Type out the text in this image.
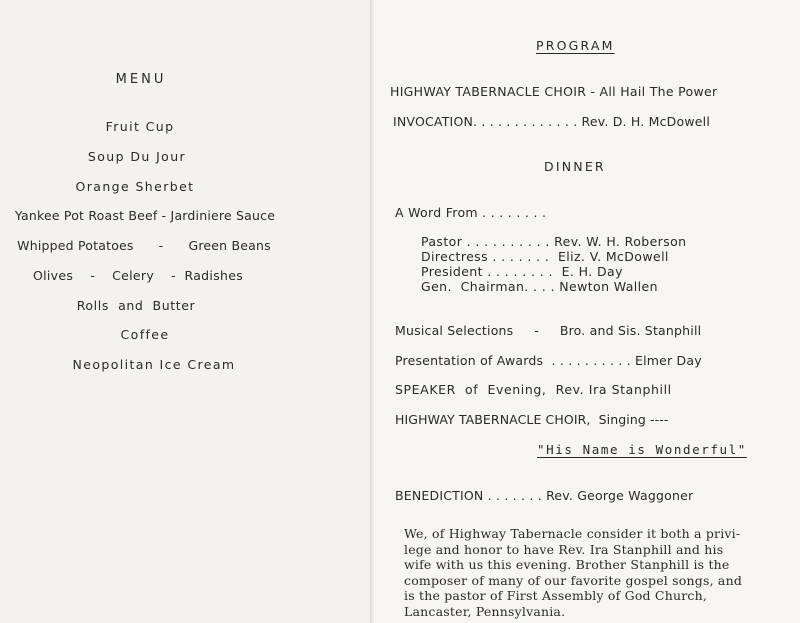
MENU
Fruit Cup
Soup Du Jour
Orange Sherbet
Yankee Pot Roast Beef - Jardiniere Sauce
Whipped Potatoes      -      Green Beans
Olives    -    Celery    -  Radishes
Rolls  and  Butter
Coffee
Neopolitan Ice Cream
PROGRAM
HIGHWAY TABERNACLE CHOIR - All Hail The Power
INVOCATION. . . . . . . . . . . . . Rev. D. H. McDowell
DINNER
A Word From . . . . . . . .
Pastor . . . . . . . . . . Rev. W. H. Roberson
Directress . . . . . . .  Eliz. V. McDowell
President . . . . . . . .  E. H. Day
Gen.  Chairman. . . . Newton Wallen
Musical Selections     -     Bro. and Sis. Stanphill
Presentation of Awards  . . . . . . . . . . Elmer Day
SPEAKER  of  Evening,  Rev. Ira Stanphill
HIGHWAY TABERNACLE CHOIR,  Singing ----
"His Name is Wonderful"
BENEDICTION . . . . . . . Rev. George Waggoner
We, of Highway Tabernacle consider it both a privi-
lege and honor to have Rev. Ira Stanphill and his
wife with us this evening. Brother Stanphill is the
composer of many of our favorite gospel songs, and
is the pastor of First Assembly of God Church,
Lancaster, Pennsylvania.
